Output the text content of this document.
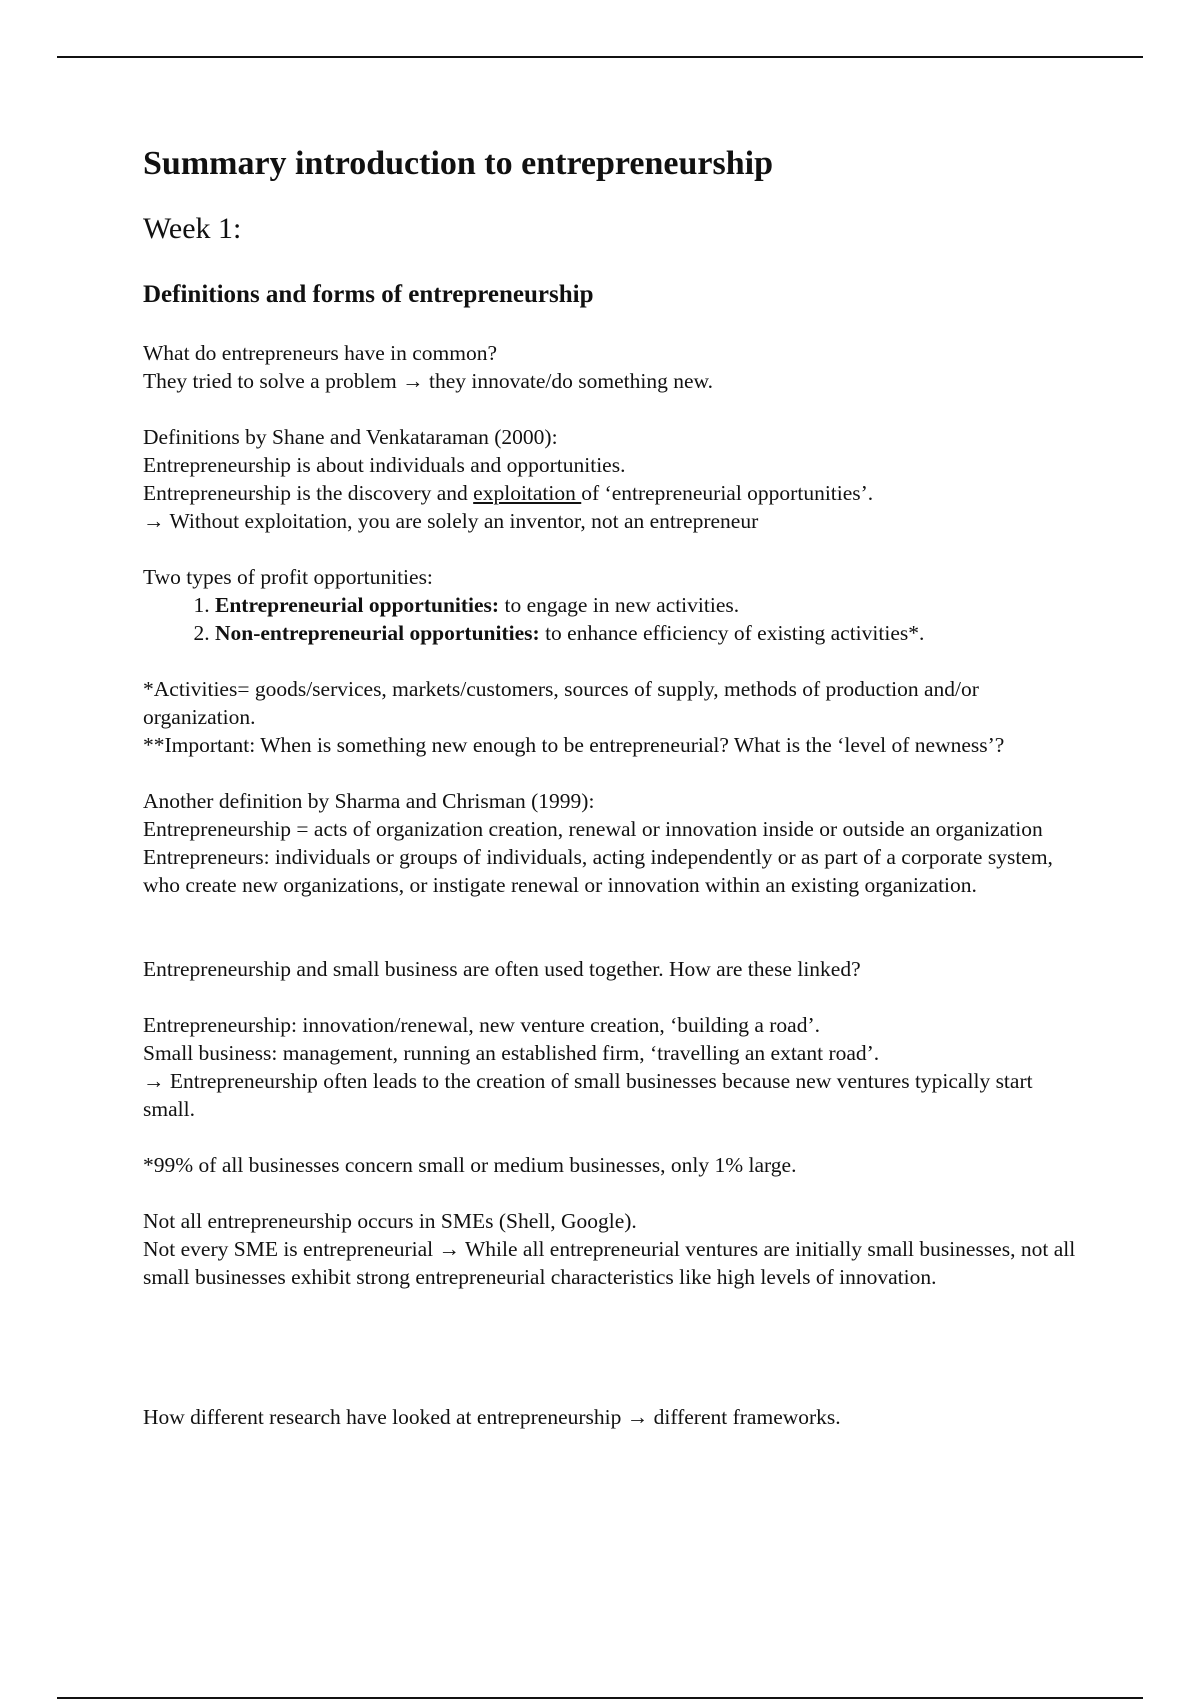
Summary introduction to entrepreneurship
Week 1:
Definitions and forms of entrepreneurship

What do entrepreneurs have in common?

They tried to solve a problem → they innovate/do something new.

Definitions by Shane and Venkataraman (2000):

Entrepreneurship is about individuals and opportunities.

Entrepreneurship is the discovery and exploitation of ‘entrepreneurial opportunities’.

→ Without exploitation, you are solely an inventor, not an entrepreneur

Two types of profit opportunities:

1. Entrepreneurial opportunities: to engage in new activities.
2. Non-entrepreneurial opportunities: to enhance efficiency of existing activities*.

*Activities= goods/services, markets/customers, sources of supply, methods of production and/or organization.

**Important: When is something new enough to be entrepreneurial? What is the ‘level of newness’?

Another definition by Sharma and Chrisman (1999):

Entrepreneurship = acts of organization creation, renewal or innovation inside or outside an organization

Entrepreneurs: individuals or groups of individuals, acting independently or as part of a corporate system, who create new organizations, or instigate renewal or innovation within an existing organization.

Entrepreneurship and small business are often used together. How are these linked?

Entrepreneurship: innovation/renewal, new venture creation, ‘building a road’.

Small business: management, running an established firm, ‘travelling an extant road’.

→ Entrepreneurship often leads to the creation of small businesses because new ventures typically start small.

*99% of all businesses concern small or medium businesses, only 1% large.

Not all entrepreneurship occurs in SMEs (Shell, Google).

Not every SME is entrepreneurial → While all entrepreneurial ventures are initially small businesses, not all small businesses exhibit strong entrepreneurial characteristics like high levels of innovation.

How different research have looked at entrepreneurship → different frameworks.
